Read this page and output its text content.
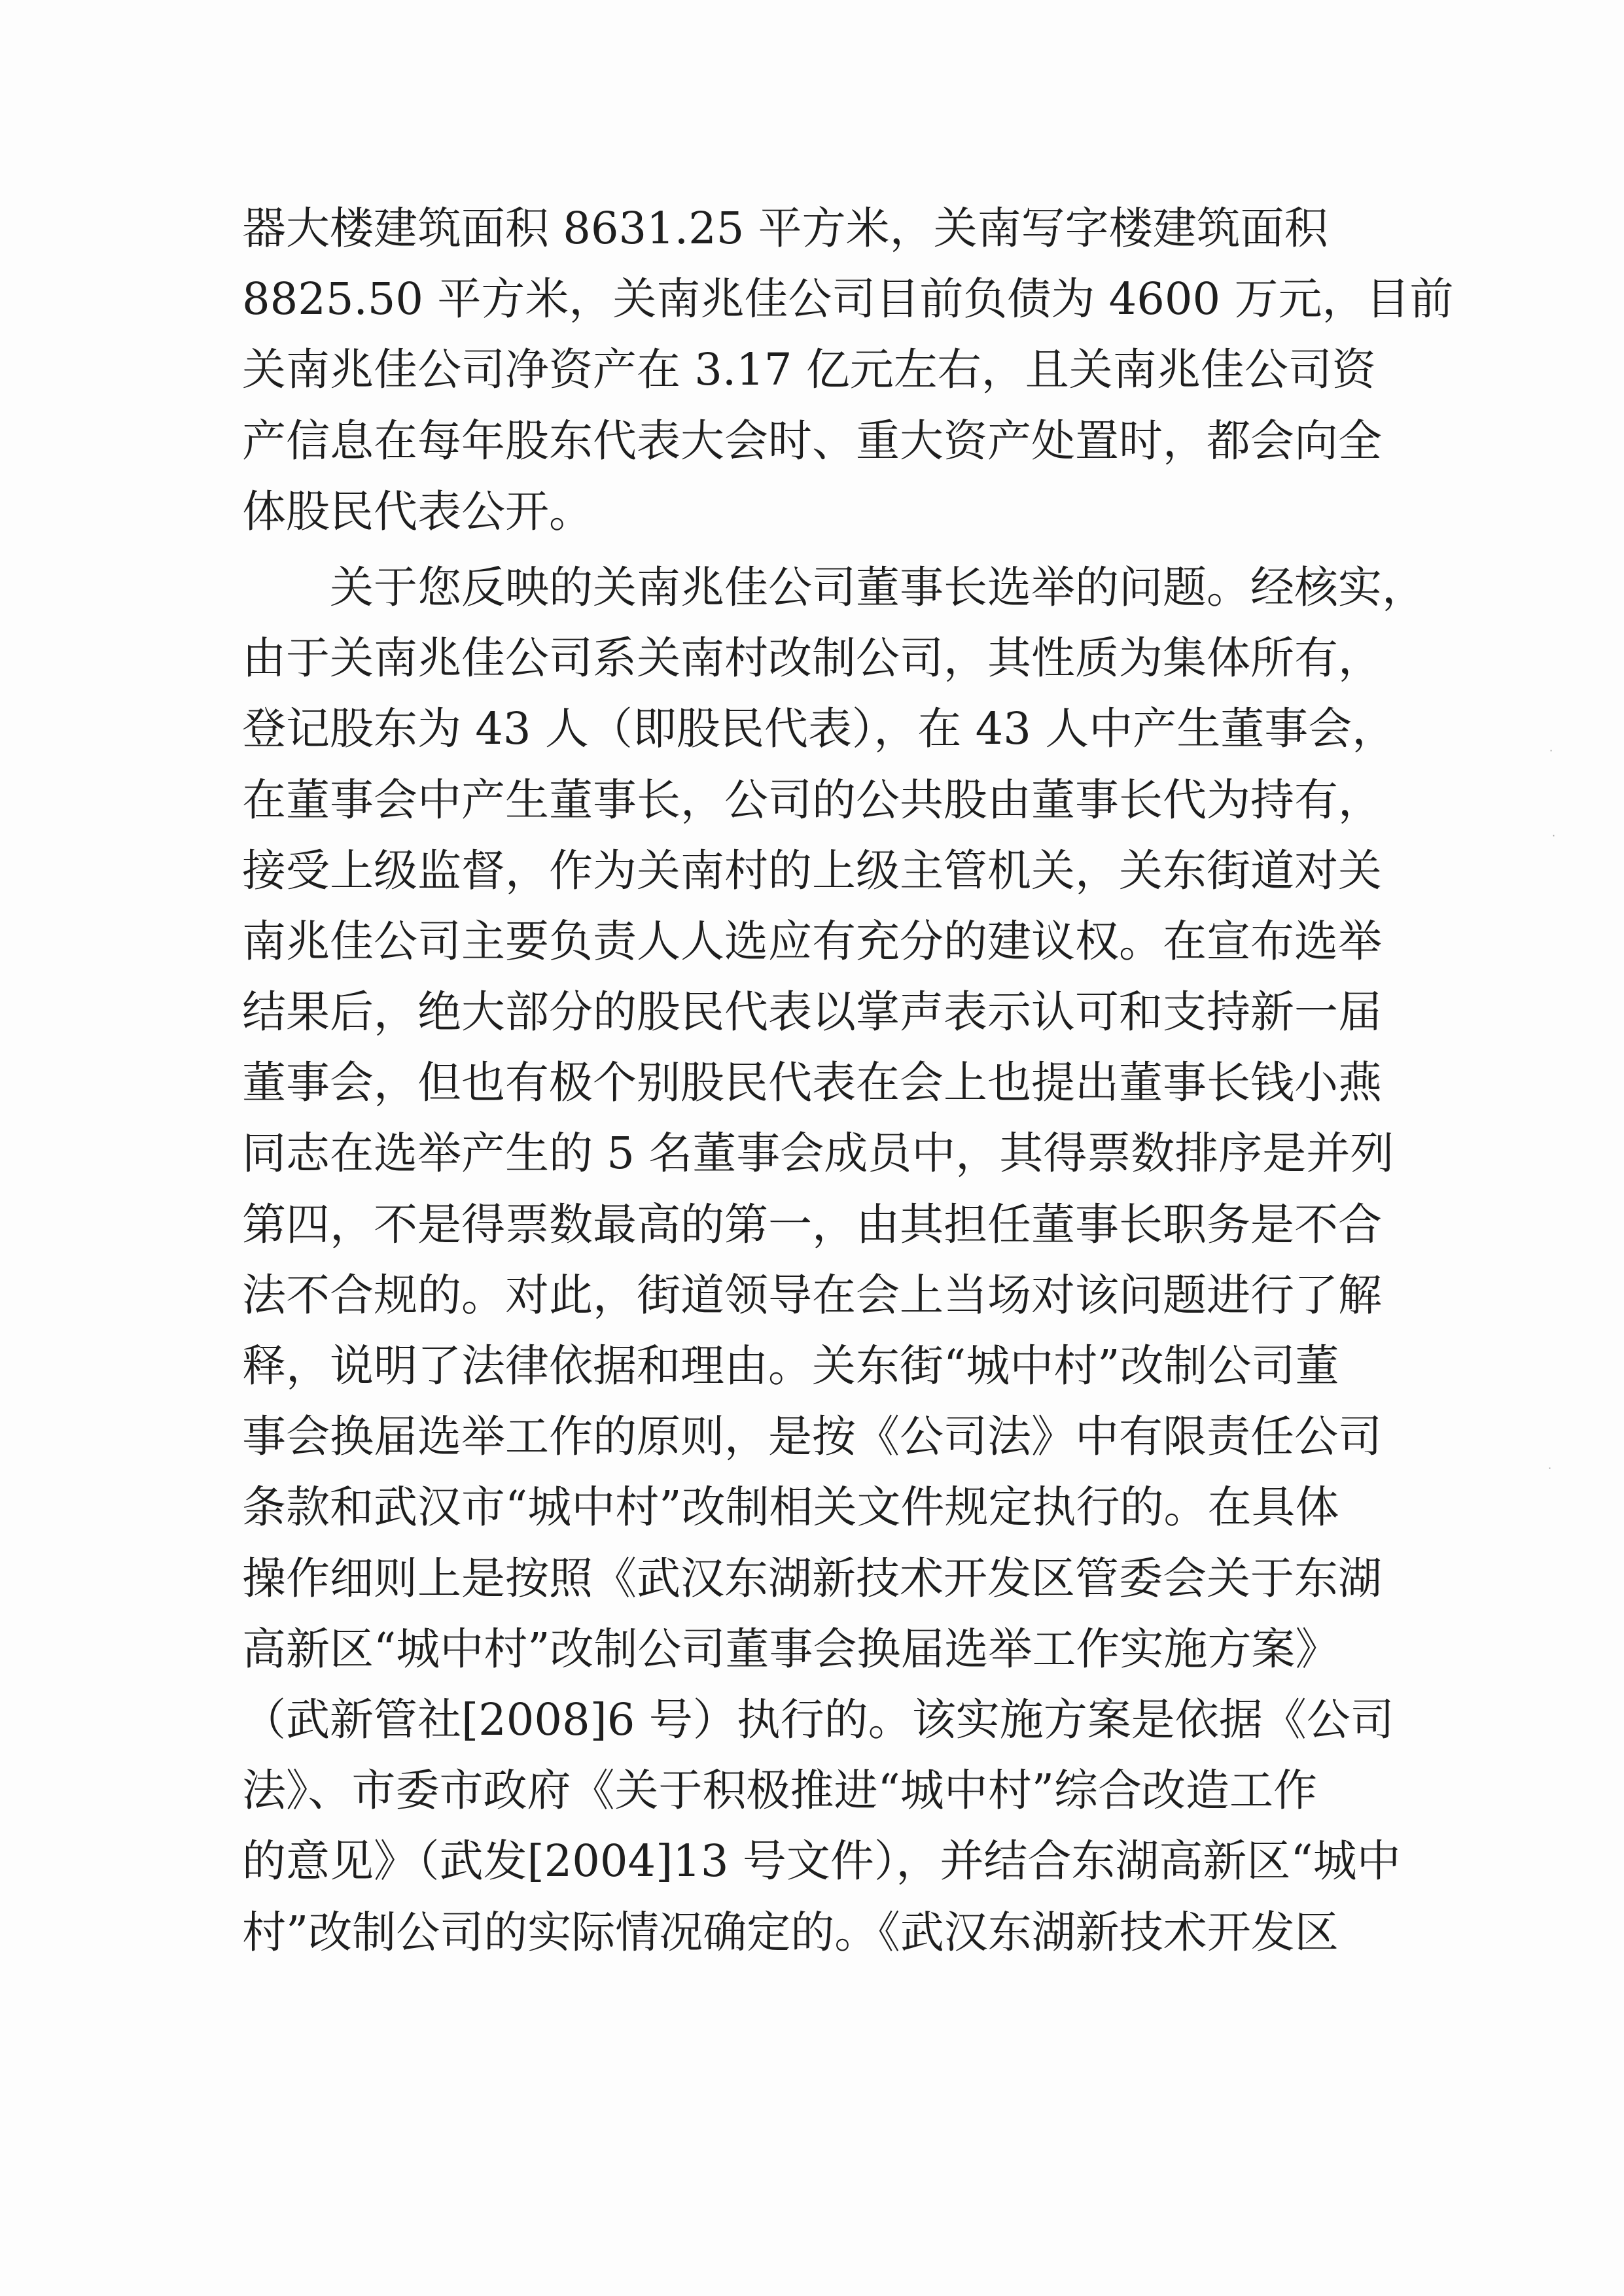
器大楼建筑面积 8631.25 平方米，关南写字楼建筑面积
8825.50 平方米，关南兆佳公司目前负债为 4600 万元，目前
关南兆佳公司净资产在 3.17 亿元左右，且关南兆佳公司资
产信息在每年股东代表大会时、重大资产处置时，都会向全
体股民代表公开。
关于您反映的关南兆佳公司董事长选举的问题。经核实，
由于关南兆佳公司系关南村改制公司，其性质为集体所有，
登记股东为 43 人（即股民代表），在 43 人中产生董事会，
在董事会中产生董事长，公司的公共股由董事长代为持有，
接受上级监督，作为关南村的上级主管机关，关东街道对关
南兆佳公司主要负责人人选应有充分的建议权。在宣布选举
结果后，绝大部分的股民代表以掌声表示认可和支持新一届
董事会，但也有极个别股民代表在会上也提出董事长钱小燕
同志在选举产生的 5 名董事会成员中，其得票数排序是并列
第四，不是得票数最高的第一，由其担任董事长职务是不合
法不合规的。对此，街道领导在会上当场对该问题进行了解
释，说明了法律依据和理由。关东街“城中村”改制公司董
事会换届选举工作的原则，是按《公司法》中有限责任公司
条款和武汉市“城中村”改制相关文件规定执行的。在具体
操作细则上是按照《武汉东湖新技术开发区管委会关于东湖
高新区“城中村”改制公司董事会换届选举工作实施方案》
（武新管社[2008]6 号）执行的。该实施方案是依据《公司
法》、市委市政府《关于积极推进“城中村”综合改造工作
的意见》（武发[2004]13 号文件），并结合东湖高新区“城中
村”改制公司的实际情况确定的。《武汉东湖新技术开发区
·
·
·
